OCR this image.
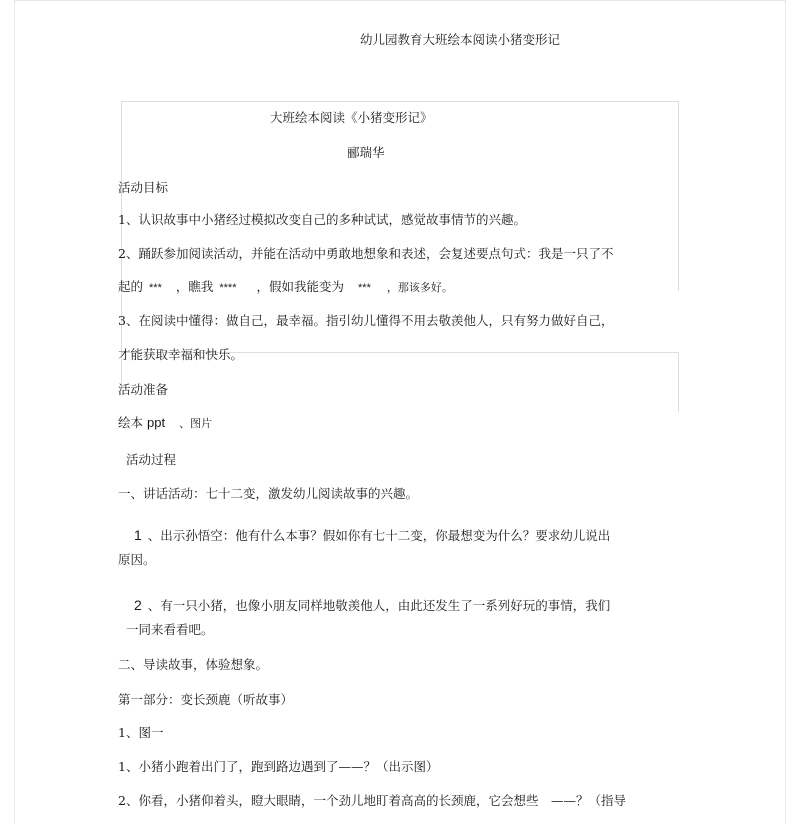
幼儿园教育大班绘本阅读小猪变形记
大班绘本阅读《小猪变形记》
郦瑞华
活动目标
1、认识故事中小猪经过模拟改变自己的多种试试，感觉故事情节的兴趣。
2、踊跃参加阅读活动，并能在活动中勇敢地想象和表述，会复述要点句式：我是一只了不
起的 *** ，瞧我 **** ，假如我能变为 *** ，那该多好。
3、在阅读中懂得：做自己，最幸福。指引幼儿懂得不用去敬羡他人，只有努力做好自己，
才能获取幸福和快乐。
活动准备
绘本 ppt 、图片
活动过程
一、讲话活动：七十二变，激发幼儿阅读故事的兴趣。
1 、出示孙悟空：他有什么本事？假如你有七十二变，你最想变为什么？要求幼儿说出
原因。
2 、有一只小猪，也像小朋友同样地敬羡他人，由此还发生了一系列好玩的事情，我们
一同来看看吧。
二、导读故事，体验想象。
第一部分：变长颈鹿（听故事）
1、图一
1、小猪小跑着出门了，跑到路边遇到了——？（出示图）
2、你看，小猪仰着头，瞪大眼睛，一个劲儿地盯着高高的长颈鹿，它会想些　——？（指导
